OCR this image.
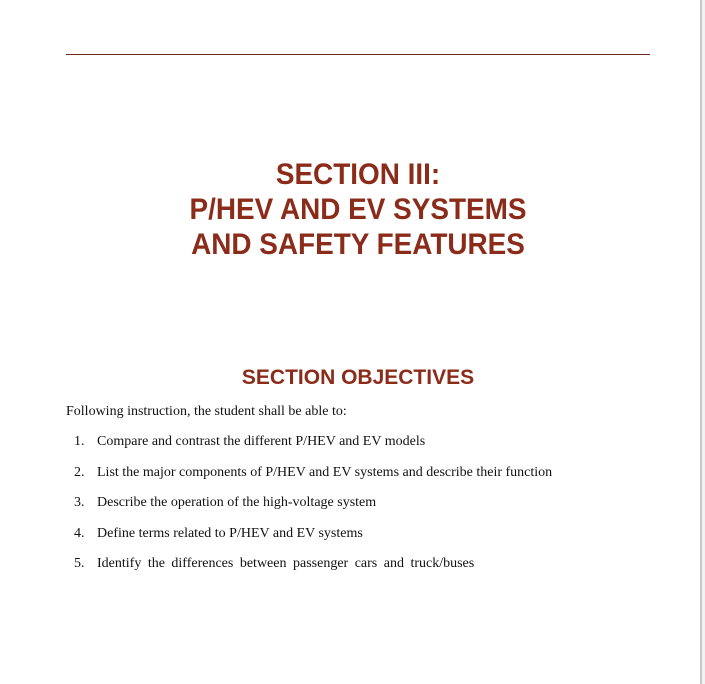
SECTION III:
P/HEV AND EV SYSTEMS
AND SAFETY FEATURES
SECTION OBJECTIVES
Following instruction, the student shall be able to:
1. Compare and contrast the different P/HEV and EV models
2. List the major components of P/HEV and EV systems and describe their function
3. Describe the operation of the high-voltage system
4. Define terms related to P/HEV and EV systems
5. Identify the differences between passenger cars and truck/buses
